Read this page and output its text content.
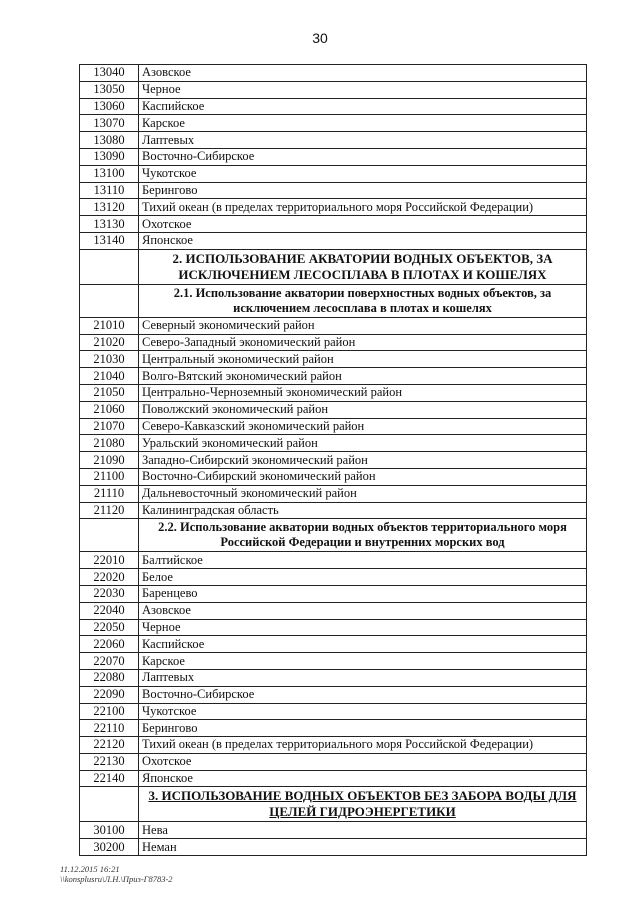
30
13040	Азовское
13050	Черное
13060	Каспийское
13070	Карское
13080	Лаптевых
13090	Восточно-Сибирское
13100	Чукотское
13110	Берингово
13120	Тихий океан (в пределах территориального моря Российской Федерации)
13130	Охотское
13140	Японское
	2. ИСПОЛЬЗОВАНИЕ АКВАТОРИИ ВОДНЫХ ОБЪЕКТОВ, ЗА ИСКЛЮЧЕНИЕМ ЛЕСОСПЛАВА В ПЛОТАХ И КОШЕЛЯХ
	2.1. Использование акватории поверхностных водных объектов, за исключением лесосплава в плотах и кошелях
21010	Северный экономический район
21020	Северо-Западный экономический район
21030	Центральный экономический район
21040	Волго-Вятский экономический район
21050	Центрально-Черноземный экономический район
21060	Поволжский экономический район
21070	Северо-Кавказский экономический район
21080	Уральский экономический район
21090	Западно-Сибирский экономический район
21100	Восточно-Сибирский экономический район
21110	Дальневосточный экономический район
21120	Калининградская область
	2.2. Использование акватории водных объектов территориального моря Российской Федерации и внутренних морских вод
22010	Балтийское
22020	Белое
22030	Баренцево
22040	Азовское
22050	Черное
22060	Каспийское
22070	Карское
22080	Лаптевых
22090	Восточно-Сибирское
22100	Чукотское
22110	Берингово
22120	Тихий океан (в пределах территориального моря Российской Федерации)
22130	Охотское
22140	Японское
	3. ИСПОЛЬЗОВАНИЕ ВОДНЫХ ОБЪЕКТОВ БЕЗ ЗАБОРА ВОДЫ ДЛЯ ЦЕЛЕЙ ГИДРОЭНЕРГЕТИКИ
30100	Нева
30200	Неман
11.12.2015 16:21
\\konsplusru\Л.Н.\Приз-Г878З-2
